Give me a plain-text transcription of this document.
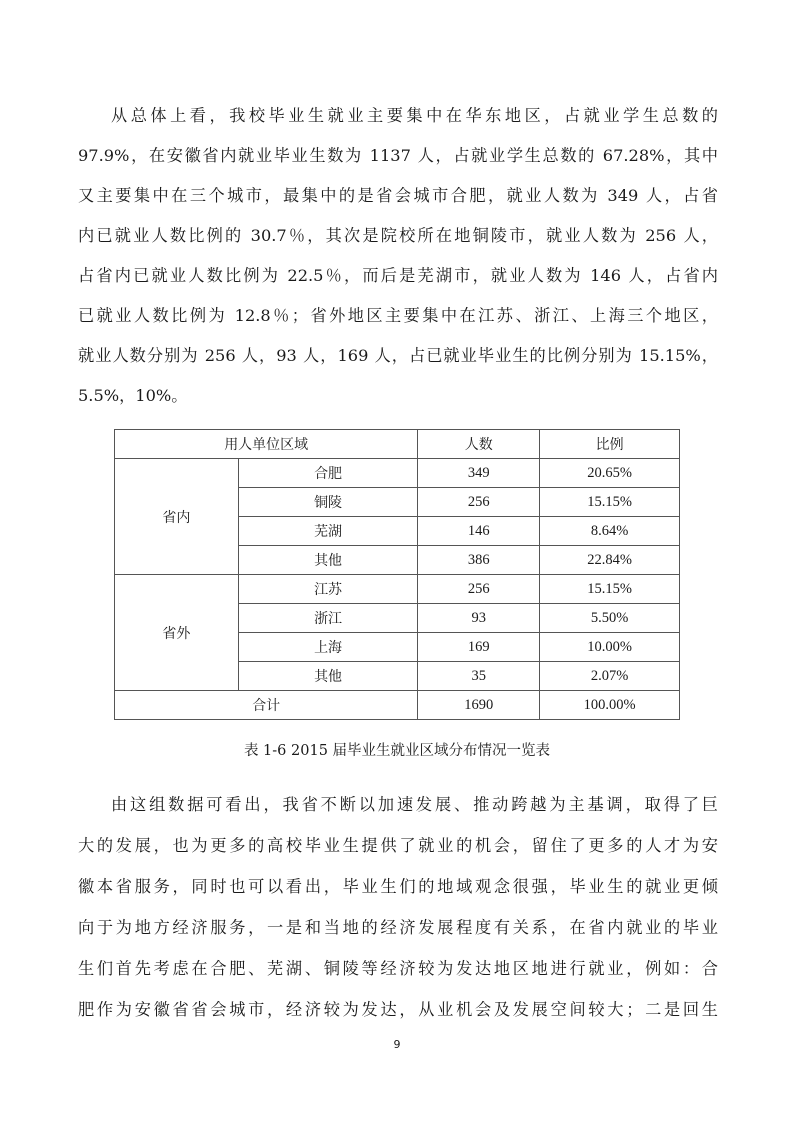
从总体上看，我校毕业生就业主要集中在华东地区，占就业学生总数的
97.9%，在安徽省内就业毕业生数为 1137 人，占就业学生总数的 67.28%，其中
又主要集中在三个城市，最集中的是省会城市合肥，就业人数为 349 人，占省
内已就业人数比例的 30.7％，其次是院校所在地铜陵市，就业人数为 256 人，
占省内已就业人数比例为 22.5％，而后是芜湖市，就业人数为 146 人，占省内
已就业人数比例为 12.8％；省外地区主要集中在江苏、浙江、上海三个地区，
就业人数分别为 256 人，93 人，169 人，占已就业毕业生的比例分别为 15.15%，
5.5%，10%。
用人单位区域		人数	比例
省内	合肥	349	20.65%
	铜陵	256	15.15%
	芜湖	146	8.64%
	其他	386	22.84%
省外	江苏	256	15.15%
	浙江	93	5.50%
	上海	169	10.00%
	其他	35	2.07%
合计		1690	100.00%
表 1-6 2015 届毕业生就业区域分布情况一览表
由这组数据可看出，我省不断以加速发展、推动跨越为主基调，取得了巨
大的发展，也为更多的高校毕业生提供了就业的机会，留住了更多的人才为安
徽本省服务，同时也可以看出，毕业生们的地域观念很强，毕业生的就业更倾
向于为地方经济服务，一是和当地的经济发展程度有关系，在省内就业的毕业
生们首先考虑在合肥、芜湖、铜陵等经济较为发达地区地进行就业，例如：合
肥作为安徽省省会城市，经济较为发达，从业机会及发展空间较大；二是回生
9
